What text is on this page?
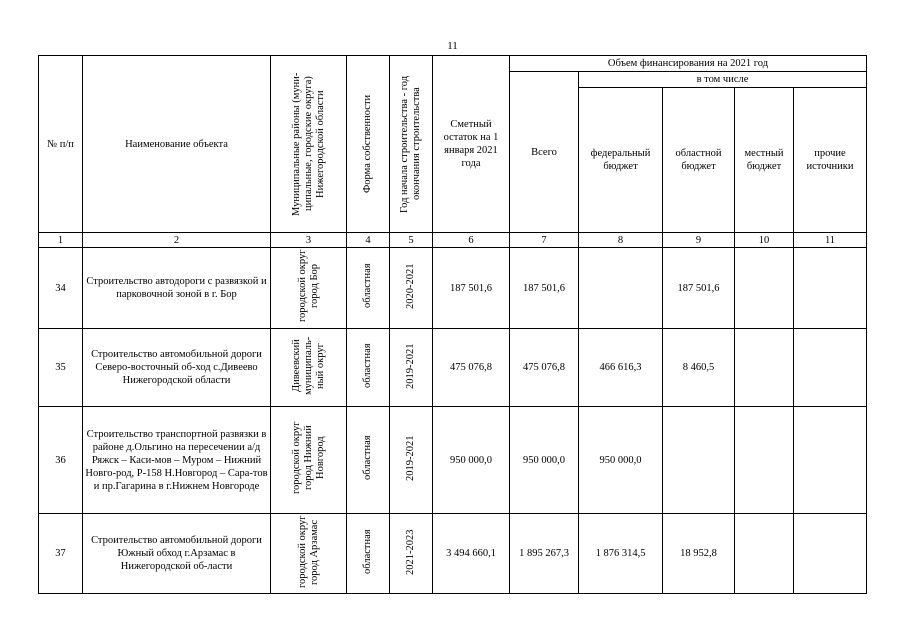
11
№ п/п	Наименование объекта	Муниципальные районы (муни-ципальные, городские округа) Нижегородской области	Форма собственности	Год начала строительства - год окончания строительства	Сметный остаток на 1 января 2021 года	Объем финансирования на 2021 год				
						Всего	в том числе			
							федеральный бюджет	областной бюджет	местный бюджет	прочие источники
1	2	3	4	5	6	7	8	9	10	11
34	Строительство автодороги с развязкой и парковочной зоной в г. Бор	городской округ город Бор	областная	2020-2021	187 501,6	187 501,6		187 501,6		
35	Строительство автомобильной дороги Северо-восточный об-ход с.Дивеево Нижегородской области	Дивеевский муниципаль-ный округ	областная	2019-2021	475 076,8	475 076,8	466 616,3	8 460,5		
36	Строительство транспортной развязки в районе д.Ольгино на пересечении а/д Ряжск – Каси-мов – Муром – Нижний Новго-род, Р-158 Н.Новгород – Сара-тов и пр.Гагарина в г.Нижнем Новгороде	городской округ город Нижний Новгород	областная	2019-2021	950 000,0	950 000,0	950 000,0			
37	Строительство автомобильной дороги Южный обход г.Арзамас в Нижегородской об-ласти	городской округ город Арзамас	областная	2021-2023	3 494 660,1	1 895 267,3	1 876 314,5	18 952,8		
